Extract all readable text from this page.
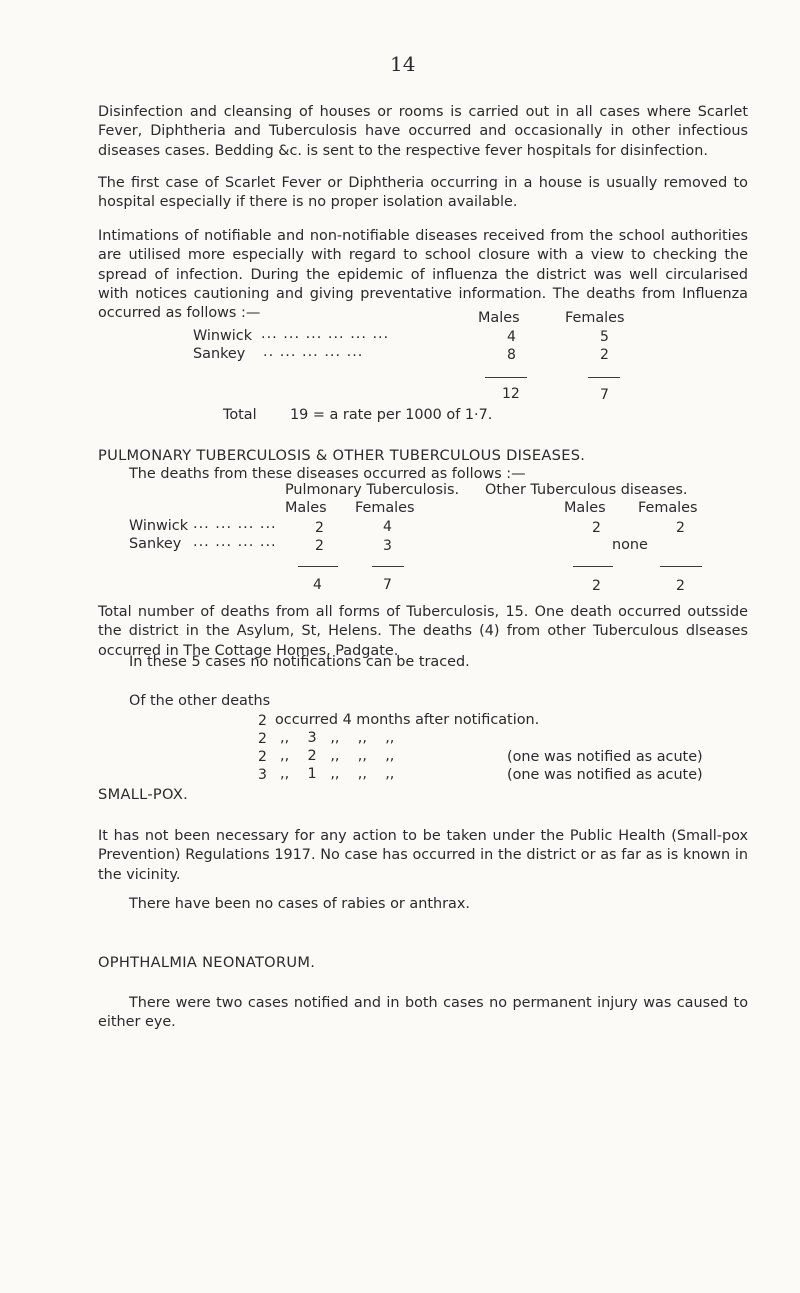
14
Disinfection and cleansing of houses or rooms is carried out in all cases where Scarlet Fever, Diphtheria and Tuberculosis have occurred and occasionally in other infectious diseases cases. Bedding &c. is sent to the respective fever hospitals for disinfection.
The first case of Scarlet Fever or Diphtheria occurring in a house is usually removed to hospital especially if there is no proper isolation available.
Intimations of notifiable and non-notifiable diseases received from the school authorities are utilised more especially with regard to school closure with a view to checking the spread of infection. During the epidemic of influenza the district was well circularised with notices cautioning and giving preventative information. The deaths from Influenza occurred as follows :—	Males	Females
Winwick ... ... ... ... ... ...	4	5
Sankey .. ... ... ... ...	8	2
12	7
Total 19 = a rate per 1000 of 1·7.
PULMONARY TUBERCULOSIS & OTHER TUBERCULOUS DISEASES.
The deaths from these diseases occurred as follows :—
Pulmonary Tuberculosis. Other Tuberculous diseases.
Males Females	Males Females
Winwick ... ... ... ...	2	4	2	2
Sankey ... ... ... ...	2	3	none
4	7	2	2
Total number of deaths from all forms of Tuberculosis, 15. One death occurred outsside the district in the Asylum, St, Helens. The deaths (4) from other Tuberculous dlseases occurred in The Cottage Homes, Padgate.
In these 5 cases no notifications can be traced.
Of the other deaths
2 occurred 4 months after notification.
2 ,,    3   ,,    ,,    ,,
2 ,,    2   ,,    ,,    ,,	(one was notified as acute)
3 ,,    1   ,,    ,,    ,,	(one was notified as acute)
SMALL-POX.
It has not been necessary for any action to be taken under the Public Health (Small-pox Prevention) Regulations 1917. No case has occurred in the district or as far as is known in the vicinity.
There have been no cases of rabies or anthrax.
OPHTHALMIA NEONATORUM.
There were two cases notified and in both cases no permanent injury was caused to either eye.
